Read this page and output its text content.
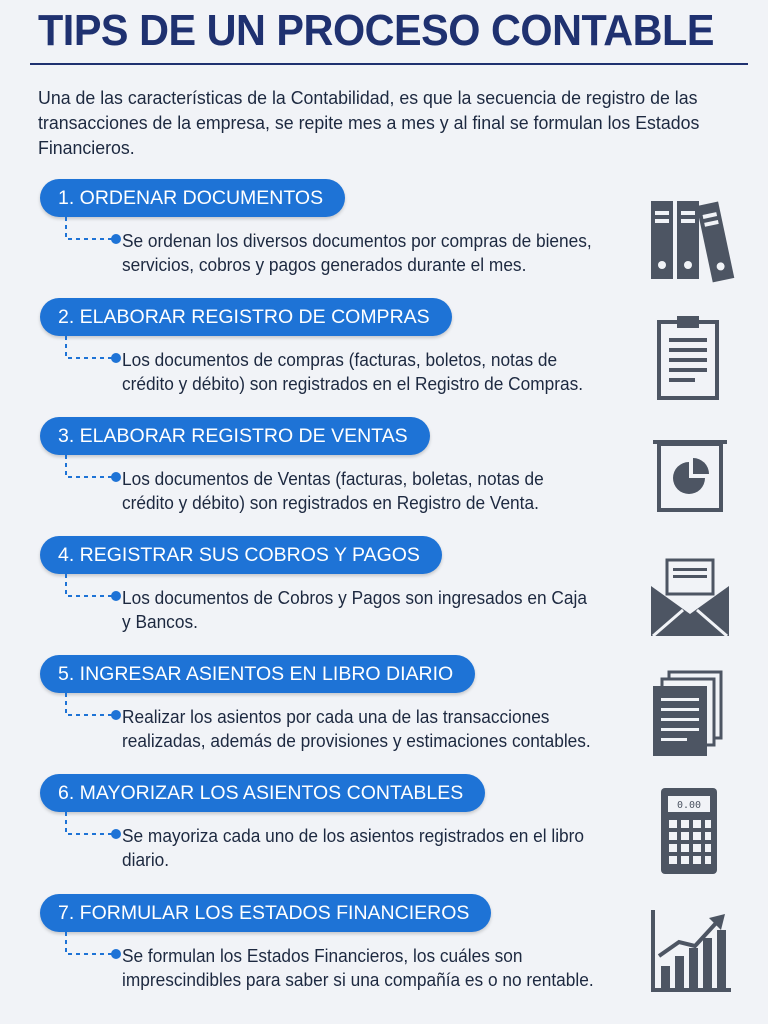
TIPS DE UN PROCESO CONTABLE
Una de las características de la Contabilidad, es que la secuencia de registro de las transacciones de la empresa, se repite mes a mes y al final se formulan los Estados Financieros.
1. ORDENAR DOCUMENTOS
Se ordenan los diversos documentos por compras de bienes, servicios, cobros y pagos generados durante el mes.
2. ELABORAR REGISTRO DE COMPRAS
Los documentos de compras (facturas, boletos, notas de crédito y débito) son registrados en el Registro de Compras.
3. ELABORAR REGISTRO DE VENTAS
Los documentos de Ventas (facturas, boletas, notas de crédito y débito) son registrados en Registro de Venta.
4. REGISTRAR SUS COBROS Y PAGOS
Los documentos de Cobros y Pagos son ingresados en Caja y Bancos.
5. INGRESAR ASIENTOS EN LIBRO DIARIO
Realizar los asientos por cada una de las transacciones realizadas, además de provisiones y estimaciones contables.
6. MAYORIZAR LOS ASIENTOS CONTABLES
Se mayoriza cada uno de los asientos registrados en el libro diario.
0.00
7. FORMULAR LOS ESTADOS FINANCIEROS
Se formulan los Estados Financieros, los cuáles son imprescindibles para saber si una compañía es o no rentable.
